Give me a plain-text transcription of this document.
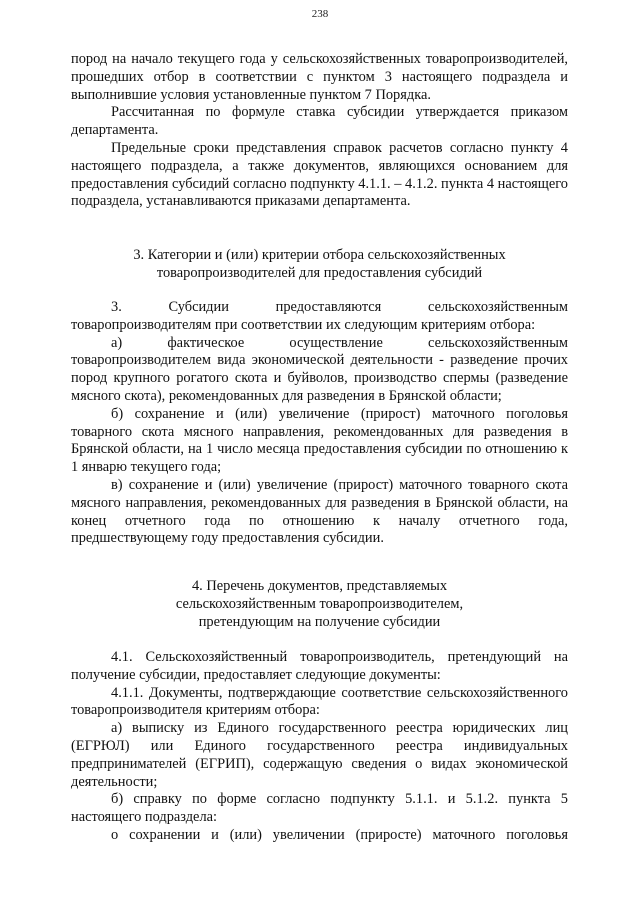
238

пород на начало текущего года у сельскохозяйственных товаропроизводителей, прошедших отбор в соответствии с пунктом 3 настоящего подраздела и выполнившие условия установленные пунктом 7 Порядка.

Рассчитанная по формуле ставка субсидии утверждается приказом департамента.

Предельные сроки представления справок расчетов согласно пункту 4 настоящего подраздела, а также документов, являющихся основанием для предоставления субсидий согласно подпункту 4.1.1. – 4.1.2. пункта 4 настоящего подраздела, устанавливаются приказами департамента.

3. Категории и (или) критерии отбора сельскохозяйственных
товаропроизводителей для предоставления субсидий

3. Субсидии предоставляются сельскохозяйственным товаропроизводителям при соответствии их следующим критериям отбора:

а) фактическое осуществление сельскохозяйственным товаропроизводителем вида экономической деятельности - разведение прочих пород крупного рогатого скота и буйволов, производство спермы (разведение мясного скота), рекомендованных для разведения в Брянской области;

б) сохранение и (или) увеличение (прирост) маточного поголовья товарного скота мясного направления, рекомендованных для разведения в Брянской области, на 1 число месяца предоставления субсидии по отношению к 1 январю текущего года;

в) сохранение и (или) увеличение (прирост) маточного товарного скота мясного направления, рекомендованных для разведения в Брянской области, на конец отчетного года по отношению к началу отчетного года, предшествующему году предоставления субсидии.

4. Перечень документов, представляемых
сельскохозяйственным товаропроизводителем,
претендующим на получение субсидии

4.1. Сельскохозяйственный товаропроизводитель, претендующий на получение субсидии, предоставляет следующие документы:

4.1.1. Документы, подтверждающие соответствие сельскохозяйственного товаропроизводителя критериям отбора:

а) выписку из Единого государственного реестра юридических лиц (ЕГРЮЛ) или Единого государственного реестра индивидуальных предпринимателей (ЕГРИП), содержащую сведения о видах экономической деятельности;

б) справку по форме согласно подпункту 5.1.1. и 5.1.2. пункта 5 настоящего подраздела:

о сохранении и (или) увеличении (приросте) маточного поголовья
